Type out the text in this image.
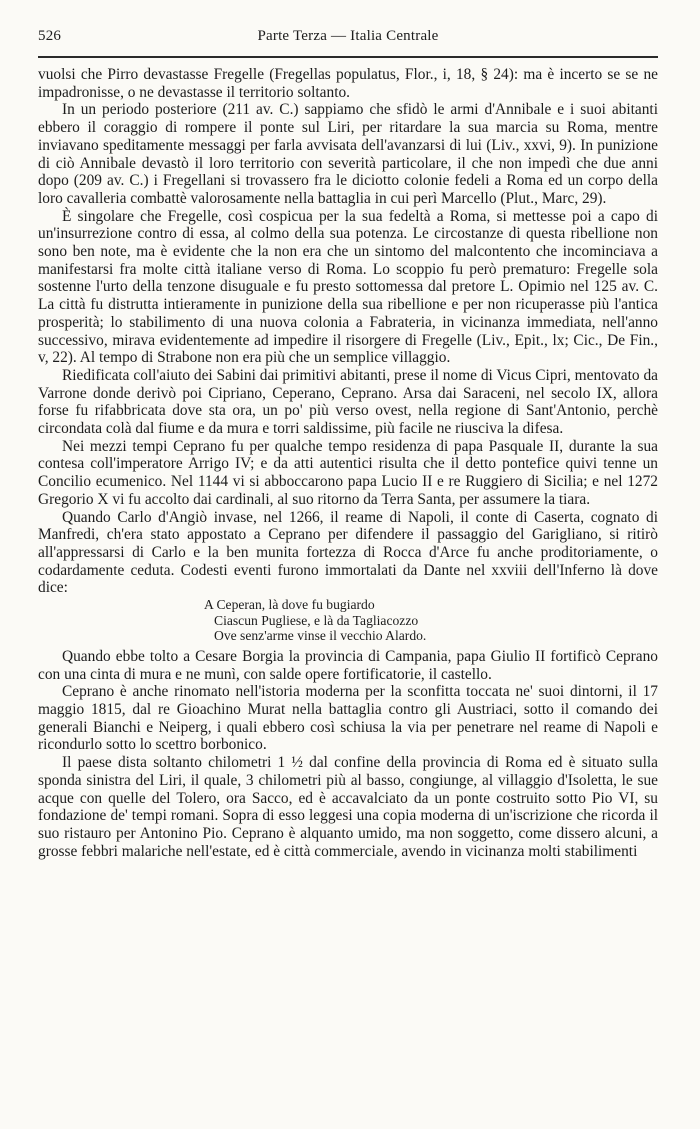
526	Parte Terza — Italia Centrale

vuolsi che Pirro devastasse Fregelle (Fregellas populatus, Flor., i, 18, § 24): ma è incerto se se ne impadronisse, o ne devastasse il territorio soltanto.

In un periodo posteriore (211 av. C.) sappiamo che sfidò le armi d'Annibale e i suoi abitanti ebbero il coraggio di rompere il ponte sul Liri, per ritardare la sua marcia su Roma, mentre inviavano speditamente messaggi per farla avvisata dell'avanzarsi di lui (Liv., xxvi, 9). In punizione di ciò Annibale devastò il loro territorio con severità particolare, il che non impedì che due anni dopo (209 av. C.) i Fregellani si trovassero fra le diciotto colonie fedeli a Roma ed un corpo della loro cavalleria combattè valorosamente nella battaglia in cui perì Marcello (Plut., Marc, 29).

È singolare che Fregelle, così cospicua per la sua fedeltà a Roma, si mettesse poi a capo di un'insurrezione contro di essa, al colmo della sua potenza. Le circostanze di questa ribellione non sono ben note, ma è evidente che la non era che un sintomo del malcontento che incominciava a manifestarsi fra molte città italiane verso di Roma. Lo scoppio fu però prematuro: Fregelle sola sostenne l'urto della tenzone disuguale e fu presto sottomessa dal pretore L. Opimio nel 125 av. C. La città fu distrutta intieramente in punizione della sua ribellione e per non ricuperasse più l'antica prosperità; lo stabilimento di una nuova colonia a Fabrateria, in vicinanza immediata, nell'anno successivo, mirava evidentemente ad impedire il risorgere di Fregelle (Liv., Epit., lx; Cic., De Fin., v, 22). Al tempo di Strabone non era più che un semplice villaggio.

Riedificata coll'aiuto dei Sabini dai primitivi abitanti, prese il nome di Vicus Cipri, mentovato da Varrone donde derivò poi Cipriano, Ceperano, Ceprano. Arsa dai Saraceni, nel secolo IX, allora forse fu rifabbricata dove sta ora, un po' più verso ovest, nella regione di Sant'Antonio, perchè circondata colà dal fiume e da mura e torri saldissime, più facile ne riusciva la difesa.

Nei mezzi tempi Ceprano fu per qualche tempo residenza di papa Pasquale II, durante la sua contesa coll'imperatore Arrigo IV; e da atti autentici risulta che il detto pontefice quivi tenne un Concilio ecumenico. Nel 1144 vi si abboccarono papa Lucio II e re Ruggiero di Sicilia; e nel 1272 Gregorio X vi fu accolto dai cardinali, al suo ritorno da Terra Santa, per assumere la tiara.

Quando Carlo d'Angiò invase, nel 1266, il reame di Napoli, il conte di Caserta, cognato di Manfredi, ch'era stato appostato a Ceprano per difendere il passaggio del Garigliano, si ritirò all'appressarsi di Carlo e la ben munita fortezza di Rocca d'Arce fu anche proditoriamente, o codardamente ceduta. Codesti eventi furono immortalati da Dante nel xxviii dell'Inferno là dove dice:

A Ceperan, là dove fu bugiardo
Ciascun Pugliese, e là da Tagliacozzo
Ove senz'arme vinse il vecchio Alardo.

Quando ebbe tolto a Cesare Borgia la provincia di Campania, papa Giulio II fortificò Ceprano con una cinta di mura e ne munì, con salde opere fortificatorie, il castello.

Ceprano è anche rinomato nell'istoria moderna per la sconfitta toccata ne' suoi dintorni, il 17 maggio 1815, dal re Gioachino Murat nella battaglia contro gli Austriaci, sotto il comando dei generali Bianchi e Neiperg, i quali ebbero così schiusa la via per penetrare nel reame di Napoli e ricondurlo sotto lo scettro borbonico.

Il paese dista soltanto chilometri 1 ½ dal confine della provincia di Roma ed è situato sulla sponda sinistra del Liri, il quale, 3 chilometri più al basso, congiunge, al villaggio d'Isoletta, le sue acque con quelle del Tolero, ora Sacco, ed è accavalciato da un ponte costruito sotto Pio VI, su fondazione de' tempi romani. Sopra di esso leggesi una copia moderna di un'iscrizione che ricorda il suo ristauro per Antonino Pio. Ceprano è alquanto umido, ma non soggetto, come dissero alcuni, a grosse febbri malariche nell'estate, ed è città commerciale, avendo in vicinanza molti stabilimenti
